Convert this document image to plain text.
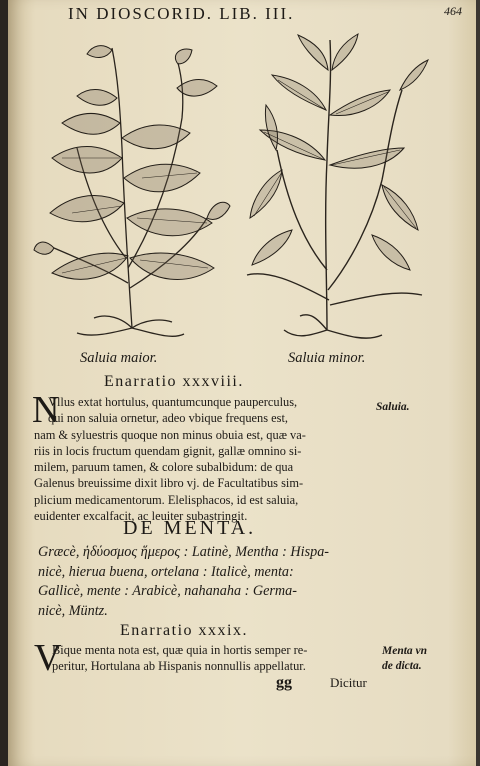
IN DIOSCORID. LIB. III.	464
Saluia maior.	Saluia minor.
Enarratio xxxviii.
N
Vllus extat hortulus, quantumcunque pauperculus,
qui non saluia ornetur, adeo vbique frequens est,
nam & syluestris quoque non minus obuia est, quæ va-
riis in locis fructum quendam gignit, gallæ omnino si-
milem, paruum tamen, & colore subalbidum: de qua
Galenus breuissime dixit libro vj. de Facultatibus sim-
plicium medicamentorum. Elelisphacos, id est saluia,
euidenter excalfacit, ac leuiter subastringit.
Saluia.
DE MENTA.
Græcè, ἡδύοσμος ἥμερος : Latinè, Mentha : Hispa-
nicè, hierua buena, ortelana : Italicè, menta:
Gallicè, mente : Arabicè, nahanaha : Germa-
nicè, Müntz.
Enarratio xxxix.
V
Bique menta nota est, quæ quia in hortis semper re-
peritur, Hortulana ab Hispanis nonnullis appellatur.
Menta vn
de dicta.
gg	Dicitur
